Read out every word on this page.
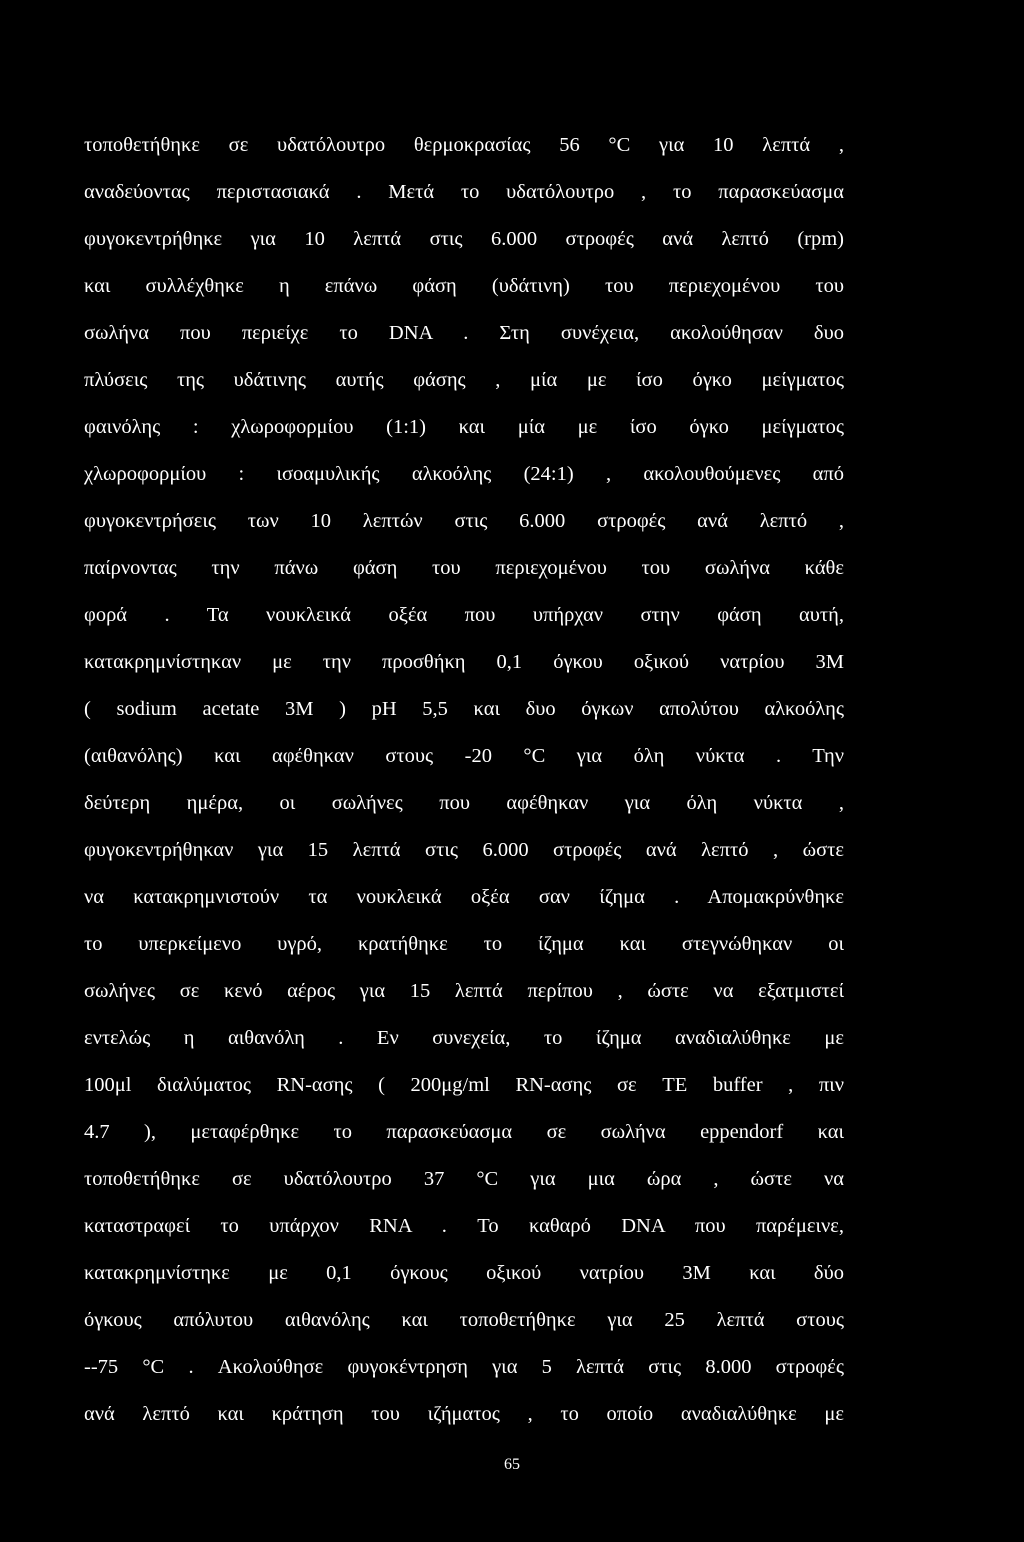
τοποθετήθηκε σε υδατόλουτρο θερμοκρασίας 56 °C για 10 λεπτά ,
αναδεύοντας περιστασιακά . Μετά το υδατόλουτρο , το παρασκεύασμα
φυγοκεντρήθηκε για 10 λεπτά στις 6.000 στροφές ανά λεπτό (rpm)
και συλλέχθηκε η επάνω φάση (υδάτινη) του περιεχομένου του
σωλήνα που περιείχε το DNA . Στη συνέχεια, ακολούθησαν δυο
πλύσεις της υδάτινης αυτής φάσης , μία με ίσο όγκο μείγματος
φαινόλης : χλωροφορμίου (1:1) και μία με ίσο όγκο μείγματος
χλωροφορμίου : ισοαμυλικής αλκοόλης (24:1) , ακολουθούμενες από
φυγοκεντρήσεις των 10 λεπτών στις 6.000 στροφές ανά λεπτό ,
παίρνοντας την πάνω φάση του περιεχομένου του σωλήνα κάθε
φορά . Τα νουκλεικά οξέα που υπήρχαν στην φάση αυτή,
κατακρημνίστηκαν με την προσθήκη 0,1 όγκου οξικού νατρίου 3M
( sodium acetate 3M ) pH 5,5 και δυο όγκων απολύτου αλκοόλης
(αιθανόλης) και αφέθηκαν στους -20 °C για όλη νύκτα . Την
δεύτερη ημέρα, οι σωλήνες που αφέθηκαν για όλη νύκτα ,
φυγοκεντρήθηκαν για 15 λεπτά στις 6.000 στροφές ανά λεπτό , ώστε
να κατακρημνιστούν τα νουκλεικά οξέα σαν ίζημα . Απομακρύνθηκε
το υπερκείμενο υγρό, κρατήθηκε το ίζημα και στεγνώθηκαν οι
σωλήνες σε κενό αέρος για 15 λεπτά περίπου , ώστε να εξατμιστεί
εντελώς η αιθανόλη . Εν συνεχεία, το ίζημα αναδιαλύθηκε με
100μl διαλύματος RN-ασης ( 200μg/ml RN-ασης σε TE buffer , πιν
4.7 ), μεταφέρθηκε το παρασκεύασμα σε σωλήνα eppendorf και
τοποθετήθηκε σε υδατόλουτρο 37 °C για μια ώρα , ώστε να
καταστραφεί το υπάρχον RNA . Το καθαρό DNA που παρέμεινε,
κατακρημνίστηκε με 0,1 όγκους οξικού νατρίου 3M και δύο
όγκους απόλυτου αιθανόλης και τοποθετήθηκε για 25 λεπτά στους
--75 °C . Ακολούθησε φυγοκέντρηση για 5 λεπτά στις 8.000 στροφές
ανά λεπτό και κράτηση του ιζήματος , το οποίο αναδιαλύθηκε με
65
